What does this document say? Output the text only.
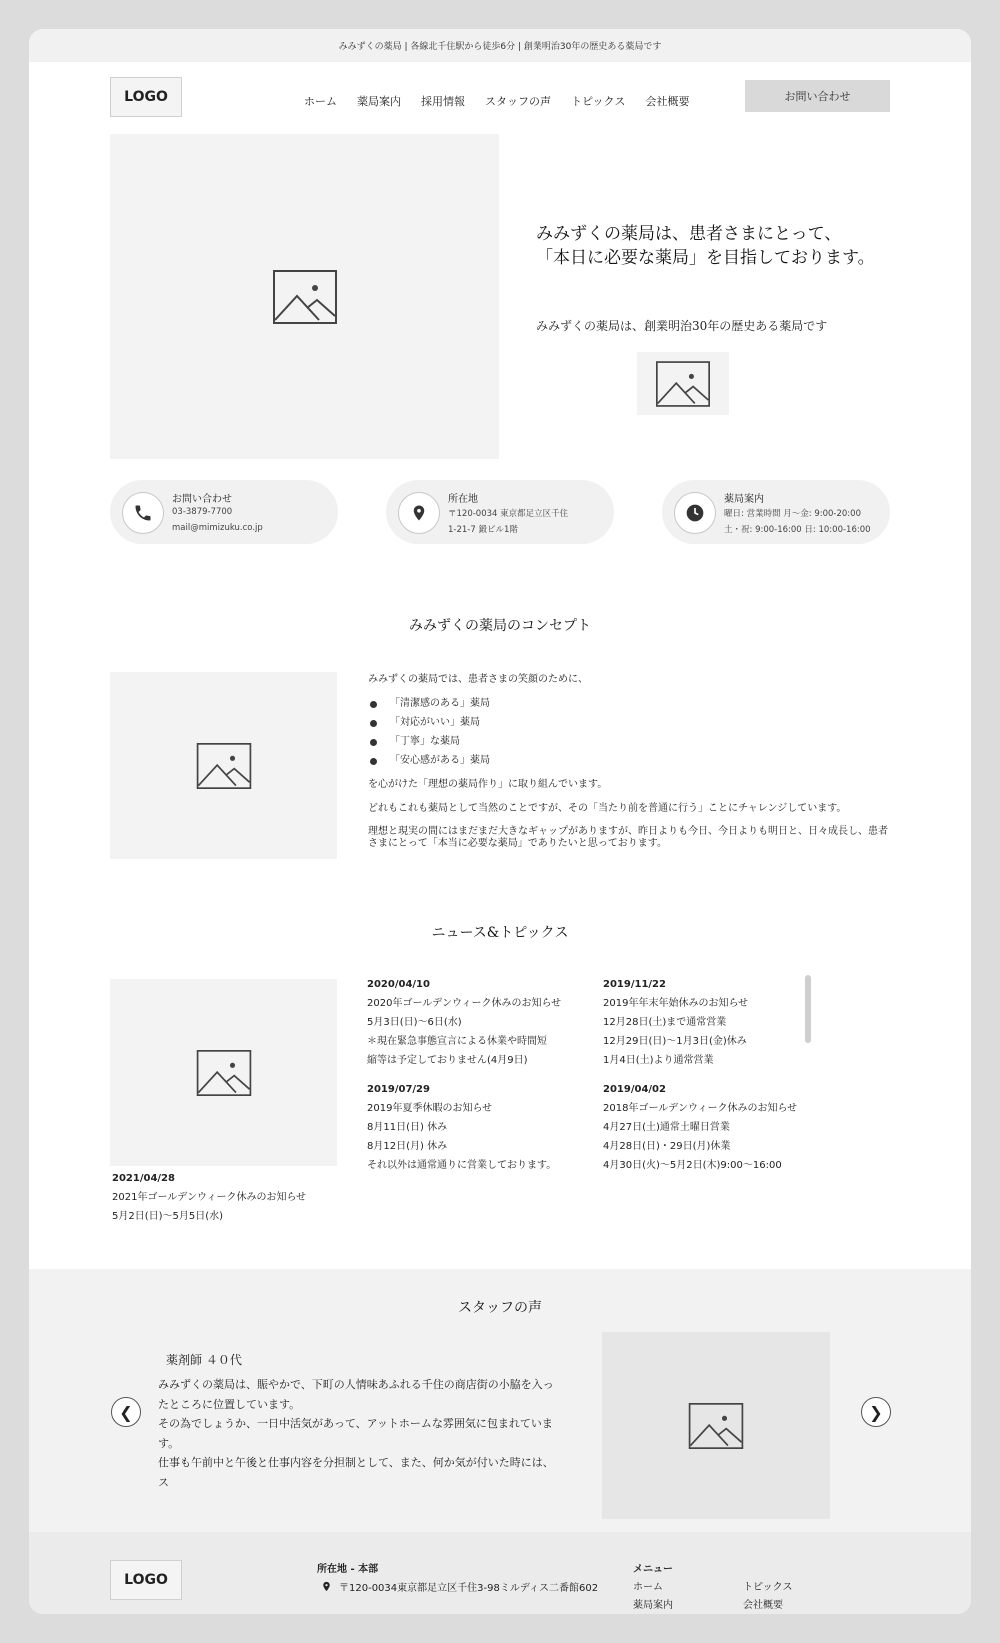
みみずくの薬局 | 各線北千住駅から徒歩6分 | 創業明治30年の歴史ある薬局です
LOGO	ホーム 薬局案内 採用情報 スタッフの声 トピックス 会社概要	お問い合わせ
みみずくの薬局は、患者さまにとって、
「本日に必要な薬局」を目指しております。
みみずくの薬局は、創業明治30年の歴史ある薬局です
お問い合わせ
03-3879-7700
mail@mimizuku.co.jp
所在地
〒120-0034 東京都足立区千住
1-21-7 鍛ビル1階
薬局案内
曜日: 営業時間 月〜金: 9:00-20:00
土・祝: 9:00-16:00 日: 10:00-16:00
みみずくの薬局のコンセプト

みみずくの薬局では、患者さまの笑顔のために、

「清潔感のある」薬局
「対応がいい」薬局
「丁寧」な薬局
「安心感がある」薬局

を心がけた「理想の薬局作り」に取り組んでいます。

どれもこれも薬局として当然のことですが、その「当たり前を普通に行う」ことにチャレンジしています。

理想と現実の間にはまだまだ大きなギャップがありますが、昨日よりも今日、今日よりも明日と、日々成長し、患者さまにとって「本当に必要な薬局」でありたいと思っております。

ニュース&トピックス
2021/04/28
2021年ゴールデンウィーク休みのお知らせ
5月2日(日)〜5月5日(水)
2020/04/10
2020年ゴールデンウィーク休みのお知らせ
5月3日(日)〜6日(水)
＊現在緊急事態宣言による休業や時間短
縮等は予定しておりません(4月9日)
2019/11/22
2019年年末年始休みのお知らせ
12月28日(土)まで通常営業
12月29日(日)〜1月3日(金)休み
1月4日(土)より通常営業
2019/07/29
2019年夏季休暇のお知らせ
8月11日(日) 休み
8月12日(月) 休み
それ以外は通常通りに営業しております。
2019/04/02
2018年ゴールデンウィーク休みのお知らせ
4月27日(土)通常土曜日営業
4月28日(日)・29日(月)休業
4月30日(火)〜5月2日(木)9:00〜16:00
スタッフの声
薬剤師 ４０代
みみずくの薬局は、賑やかで、下町の人情味あふれる千住の商店街の小脇を入っ
たところに位置しています。
その為でしょうか、一日中活気があって、アットホームな雰囲気に包まれています。
仕事も午前中と午後と仕事内容を分担制として、また、何か気が付いた時には、ス
❮	❯
LOGO
所在地 - 本部
〒120-0034東京都足立区千住3-98ミルディス二番館602
メニュー
ホーム
薬局案内
トピックス
会社概要
